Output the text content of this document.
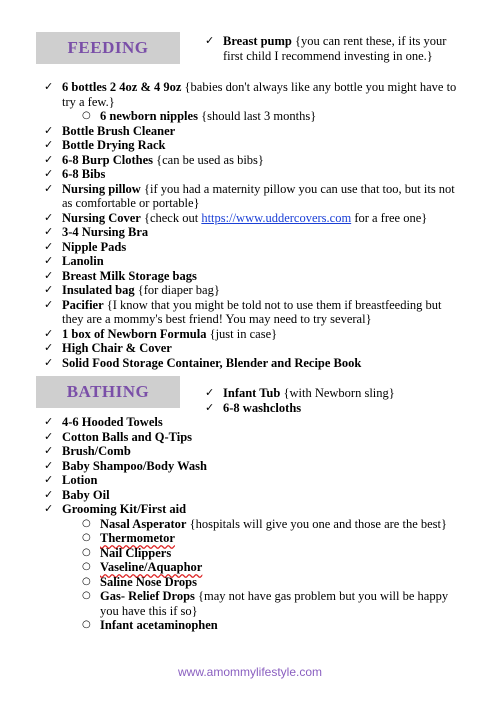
FEEDING	✓ Breast pump {you can rent these, if its your first child I recommend investing in one.}
✓ 6 bottles 2 4oz & 4 9oz {babies don't always like any bottle you might have to try a few.}
○ 6 newborn nipples {should last 3 months}
✓ Bottle Brush Cleaner
✓ Bottle Drying Rack
✓ 6-8 Burp Clothes {can be used as bibs}
✓ 6-8 Bibs
✓ Nursing pillow {if you had a maternity pillow you can use that too, but its not as comfortable or portable}
✓ Nursing Cover {check out https://www.uddercovers.com for a free one}
✓ 3-4 Nursing Bra
✓ Nipple Pads
✓ Lanolin
✓ Breast Milk Storage bags
✓ Insulated bag {for diaper bag}
✓ Pacifier {I know that you might be told not to use them if breastfeeding but they are a mommy's best friend! You may need to try several}
✓ 1 box of Newborn Formula {just in case}
✓ High Chair & Cover
✓ Solid Food Storage Container, Blender and Recipe Book
BATHING	✓ Infant Tub {with Newborn sling}
✓ 6-8 washcloths
✓ 4-6 Hooded Towels
✓ Cotton Balls and Q-Tips
✓ Brush/Comb
✓ Baby Shampoo/Body Wash
✓ Lotion
✓ Baby Oil
✓ Grooming Kit/First aid
○ Nasal Asperator {hospitals will give you one and those are the best}
○ Thermometor
○ Nail Clippers
○ Vaseline/Aquaphor
○ Saline Nose Drops
○ Gas- Relief Drops {may not have gas problem but you will be happy you have this if so}
○ Infant acetaminophen
www.amommylifestyle.com
